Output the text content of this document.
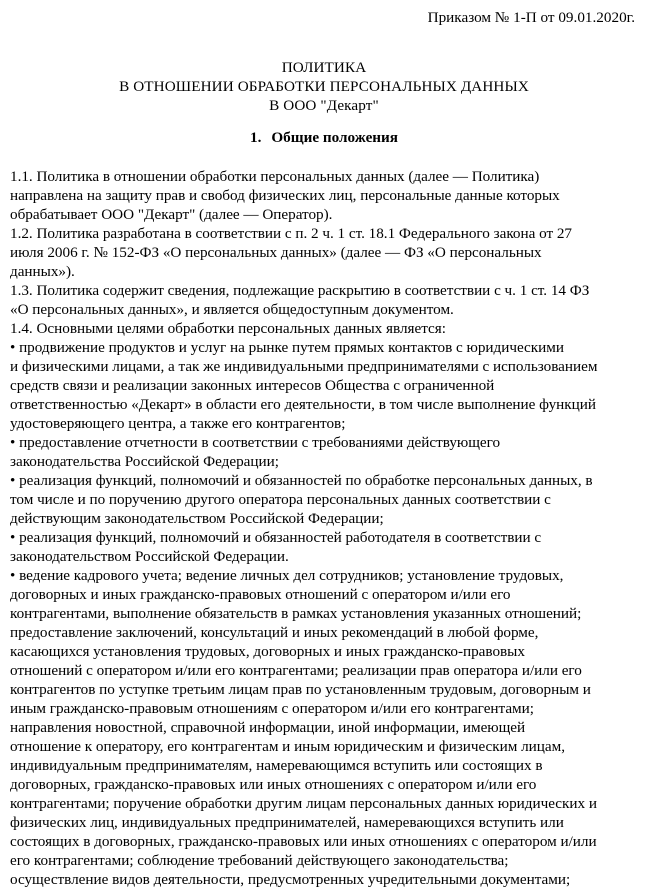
Приказом № 1-П от 09.01.2020г.
ПОЛИТИКА
В ОТНОШЕНИИ ОБРАБОТКИ ПЕРСОНАЛЬНЫХ ДАННЫХ
В ООО "Декарт"
1. Общие положения
1.1. Политика в отношении обработки персональных данных (далее — Политика)
направлена на защиту прав и свобод физических лиц, персональные данные которых
обрабатывает ООО "Декарт" (далее — Оператор).
1.2. Политика разработана в соответствии с п. 2 ч. 1 ст. 18.1 Федерального закона от 27
июля 2006 г. № 152-ФЗ «О персональных данных» (далее — ФЗ «О персональных
данных»).
1.3. Политика содержит сведения, подлежащие раскрытию в соответствии с ч. 1 ст. 14 ФЗ
«О персональных данных», и является общедоступным документом.
1.4. Основными целями обработки персональных данных является:
• продвижение продуктов и услуг на рынке путем прямых контактов с юридическими
и физическими лицами, а так же индивидуальными предпринимателями с использованием
средств связи и реализации законных интересов Общества с ограниченной
ответственностью «Декарт» в области его деятельности, в том числе выполнение функций
удостоверяющего центра, а также его контрагентов;
• предоставление отчетности в соответствии с требованиями действующего
законодательства Российской Федерации;
• реализация функций, полномочий и обязанностей по обработке персональных данных, в
том числе и по поручению другого оператора персональных данных соответствии с
действующим законодательством Российской Федерации;
• реализация функций, полномочий и обязанностей работодателя в соответствии с
законодательством Российской Федерации.
• ведение кадрового учета; ведение личных дел сотрудников; установление трудовых,
договорных и иных гражданско-правовых отношений с оператором и/или его
контрагентами, выполнение обязательств в рамках установления указанных отношений;
предоставление заключений, консультаций и иных рекомендаций в любой форме,
касающихся установления трудовых, договорных и иных гражданско-правовых
отношений с оператором и/или его контрагентами; реализации прав оператора и/или его
контрагентов по уступке третьим лицам прав по установленным трудовым, договорным и
иным гражданско-правовым отношениям с оператором и/или его контрагентами;
направления новостной, справочной информации, иной информации, имеющей
отношение к оператору, его контрагентам и иным юридическим и физическим лицам,
индивидуальным предпринимателям, намеревающимся вступить или состоящих в
договорных, гражданско-правовых или иных отношениях с оператором и/или его
контрагентами; поручение обработки другим лицам персональных данных юридических и
физических лиц, индивидуальных предпринимателей, намеревающихся вступить или
состоящих в договорных, гражданско-правовых или иных отношениях с оператором и/или
его контрагентами; соблюдение требований действующего законодательства;
осуществление видов деятельности, предусмотренных учредительными документами;
